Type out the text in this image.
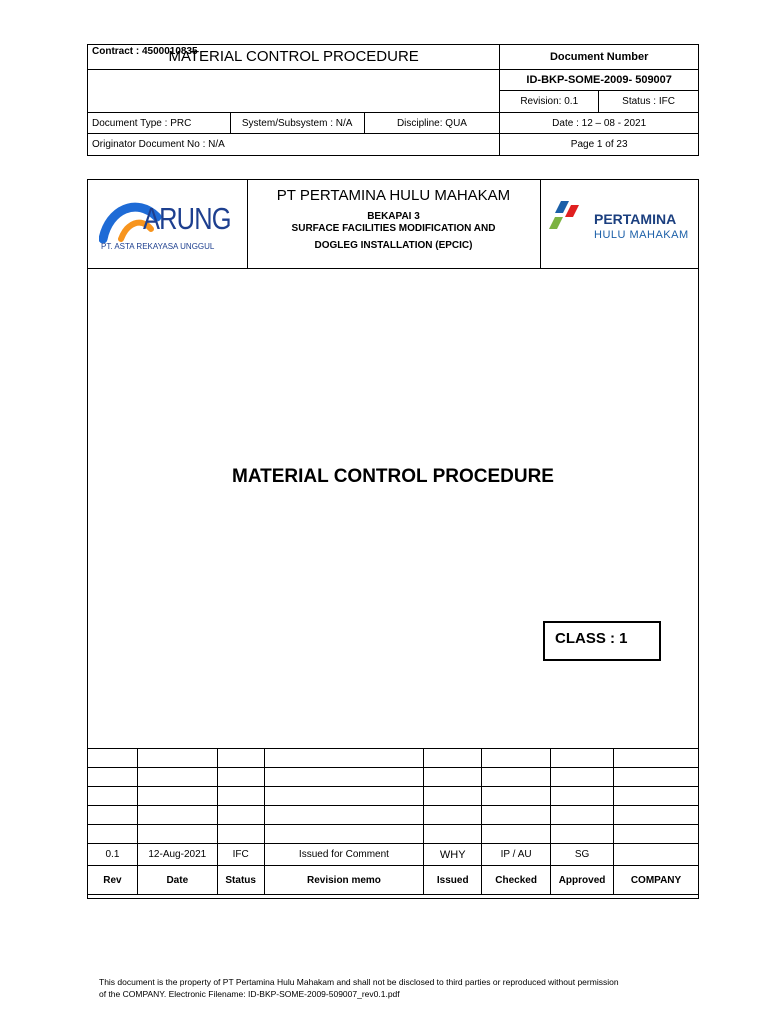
Contract : 4500010835			Document Number	

MATERIAL CONTROL PROCEDURE			ID-BKP-SOME-2009- 509007	
			Revision: 0.1	Status : IFC
Document Type : PRC	System/Subsystem : N/A	Discipline: QUA	Date : 12 – 08 - 2021	
Originator Document No : N/A			Page 1 of 23	
ARUNG
PT. ASTA REKAYASA UNGGUL
PT PERTAMINA HULU MAHAKAM
BEKAPAI 3
SURFACE FACILITIES MODIFICATION AND
DOGLEG INSTALLATION (EPCIC)
PERTAMINA
HULU MAHAKAM
MATERIAL CONTROL PROCEDURE
CLASS : 1

0.1	12-Aug-2021	IFC	Issued for Comment	WHY	IP / AU	SG	
Rev	Date	Status	Revision memo	Issued	Checked	Approved	COMPANY
This document is the property of PT Pertamina Hulu Mahakam and shall not be disclosed to third parties or reproduced without permission
of the COMPANY. Electronic Filename: ID-BKP-SOME-2009-509007_rev0.1.pdf
